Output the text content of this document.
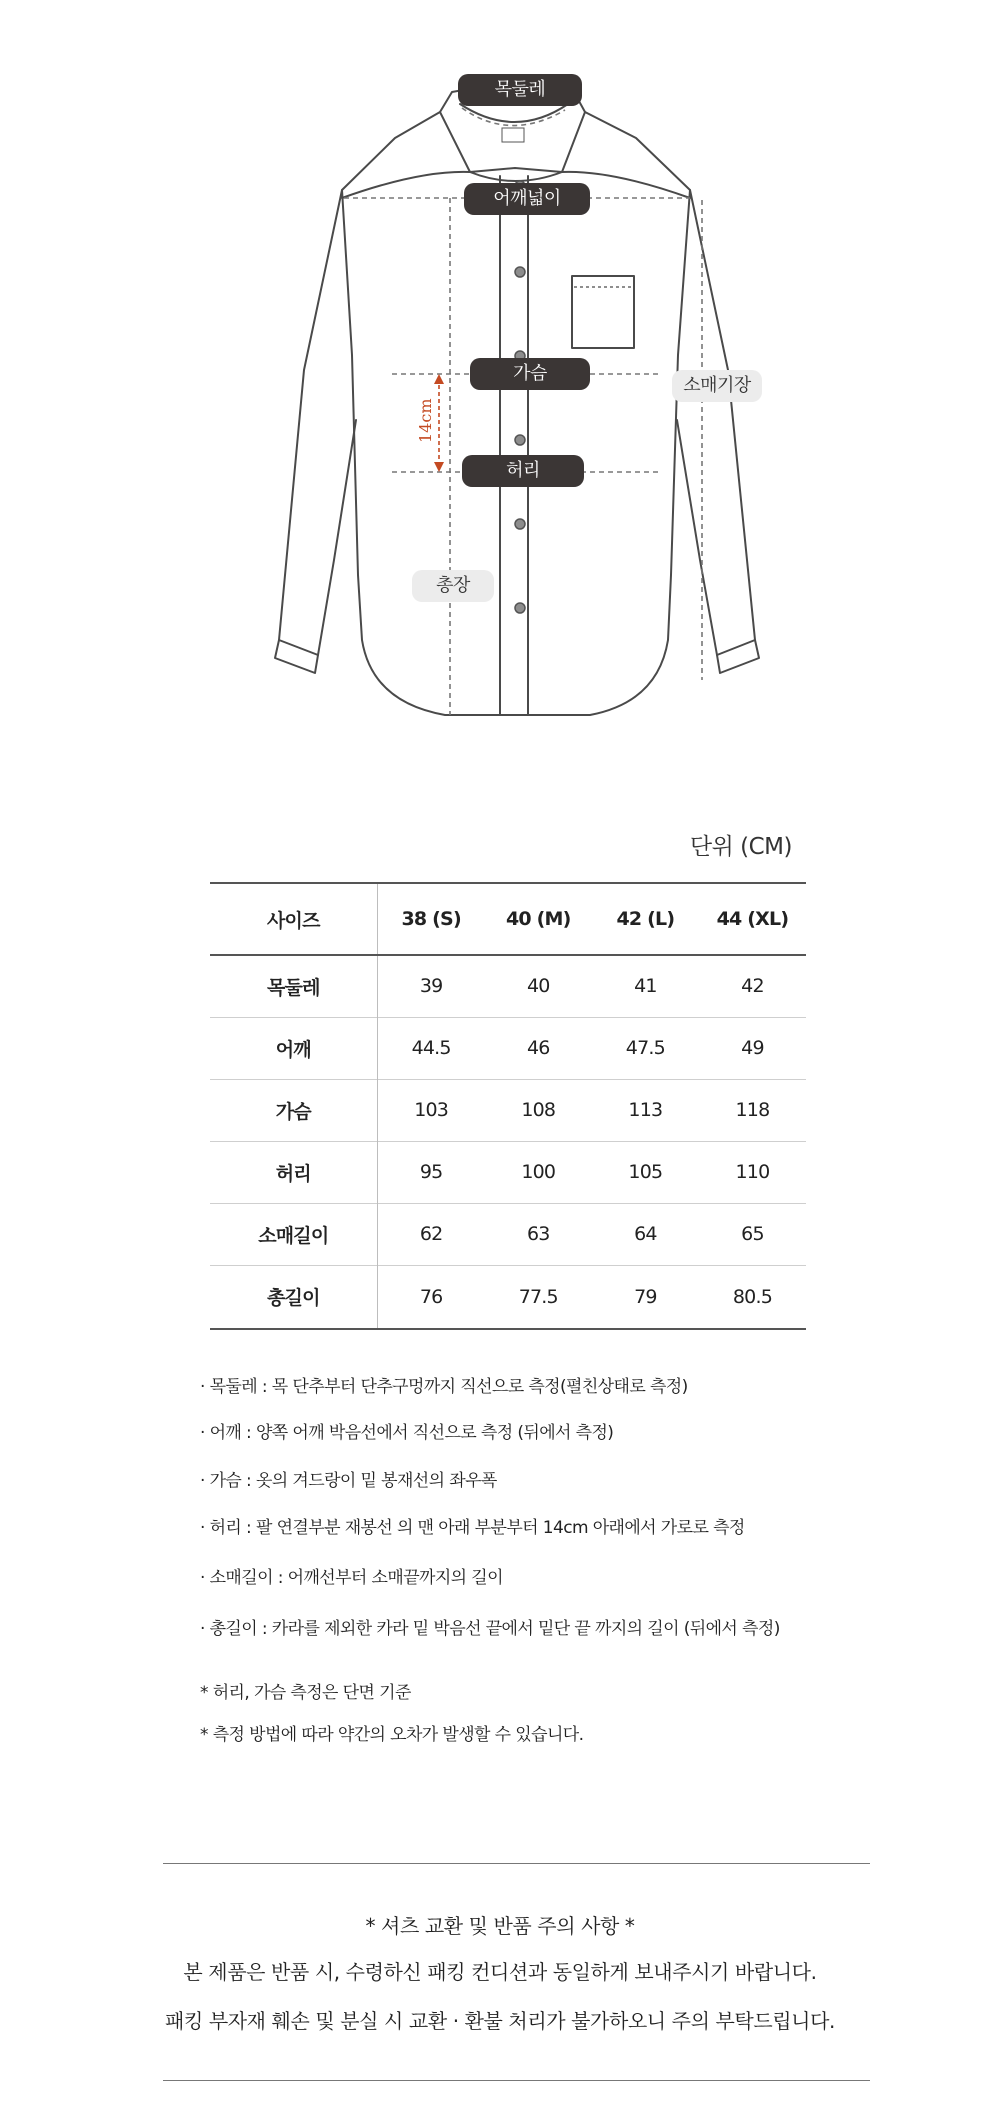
목둘레
어깨넓이
가슴
허리
소매기장
총장
14cm
단위 (CM)
사이즈	38 (S)	40 (M)	42 (L)	44 (XL)
목둘레	39	40	41	42
어깨	44.5	46	47.5	49
가슴	103	108	113	118
허리	95	100	105	110
소매길이	62	63	64	65
총길이	76	77.5	79	80.5
· 목둘레 : 목 단추부터 단추구멍까지 직선으로 측정(펼친상태로 측정)
· 어깨 : 양쪽 어깨 박음선에서 직선으로 측정 (뒤에서 측정)
· 가슴 : 옷의 겨드랑이 밑 봉재선의 좌우폭
· 허리 : 팔 연결부분 재봉선 의 맨 아래 부분부터 14cm 아래에서 가로로 측정
· 소매길이 : 어깨선부터 소매끝까지의 길이
· 총길이 : 카라를 제외한 카라 밑 박음선 끝에서 밑단 끝 까지의 길이 (뒤에서 측정)
* 허리, 가슴 측정은 단면 기준
* 측정 방법에 따라 약간의 오차가 발생할 수 있습니다.
* 셔츠 교환 및 반품 주의 사항 *
본 제품은 반품 시, 수령하신 패킹 컨디션과 동일하게 보내주시기 바랍니다.
패킹 부자재 훼손 및 분실 시 교환 · 환불 처리가 불가하오니 주의 부탁드립니다.
